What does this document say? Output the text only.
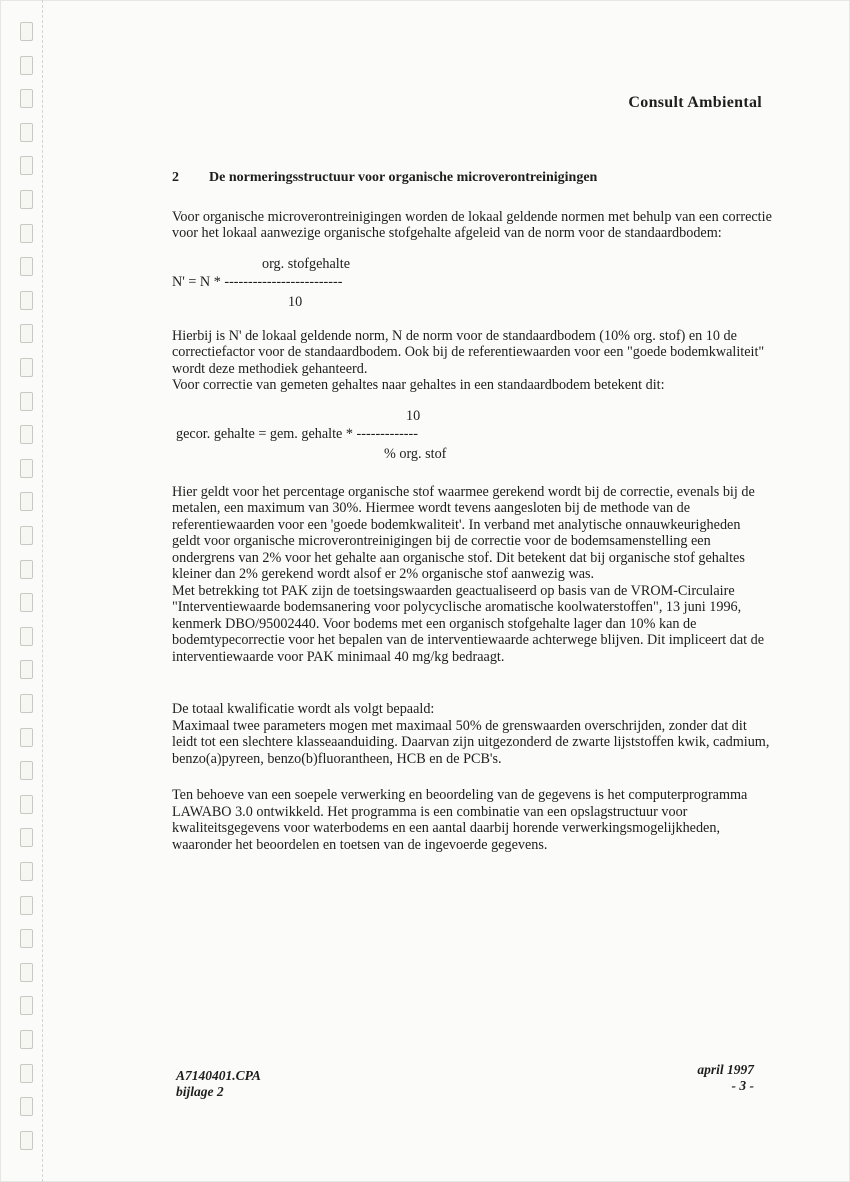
Consult Ambiental
2 De normeringsstructuur voor organische microverontreinigingen

Voor organische microverontreinigingen worden de lokaal geldende normen met behulp van een correctie voor het lokaal aanwezige organische stofgehalte afgeleid van de norm voor de standaardbodem:

org. stofgehalte
N' = N * -------------------------
10

Hierbij is N' de lokaal geldende norm, N de norm voor de standaardbodem (10% org. stof) en 10 de correctiefactor voor de standaardbodem. Ook bij de referentiewaarden voor een "goede bodemkwaliteit" wordt deze methodiek gehanteerd.

Voor correctie van gemeten gehaltes naar gehaltes in een standaardbodem betekent dit:

10
gecor. gehalte = gem. gehalte * -------------
% org. stof

Hier geldt voor het percentage organische stof waarmee gerekend wordt bij de correctie, evenals bij de metalen, een maximum van 30%. Hiermee wordt tevens aangesloten bij de methode van de referentiewaarden voor een 'goede bodemkwaliteit'. In verband met analytische onnauwkeurigheden geldt voor organische microverontreinigingen bij de correctie voor de bodemsamenstelling een ondergrens van 2% voor het gehalte aan organische stof. Dit betekent dat bij organische stof gehaltes kleiner dan 2% gerekend wordt alsof er 2% organische stof aanwezig was.

Met betrekking tot PAK zijn de toetsingswaarden geactualiseerd op basis van de VROM-Circulaire "Interventiewaarde bodemsanering voor polycyclische aromatische koolwaterstoffen", 13 juni 1996, kenmerk DBO/95002440. Voor bodems met een organisch stofgehalte lager dan 10% kan de bodemtypecorrectie voor het bepalen van de interventiewaarde achterwege blijven. Dit impliceert dat de interventiewaarde voor PAK minimaal 40 mg/kg bedraagt.

De totaal kwalificatie wordt als volgt bepaald:

Maximaal twee parameters mogen met maximaal 50% de grenswaarden overschrijden, zonder dat dit leidt tot een slechtere klasseaanduiding. Daarvan zijn uitgezonderd de zwarte lijststoffen kwik, cadmium, benzo(a)pyreen, benzo(b)fluorantheen, HCB en de PCB's.

Ten behoeve van een soepele verwerking en beoordeling van de gegevens is het computerprogramma LAWABO 3.0 ontwikkeld. Het programma is een combinatie van een opslagstructuur voor kwaliteitsgegevens voor waterbodems en een aantal daarbij horende verwerkingsmogelijkheden, waaronder het beoordelen en toetsen van de ingevoerde gegevens.

A7140401.CPA
bijlage 2
april 1997
- 3 -
